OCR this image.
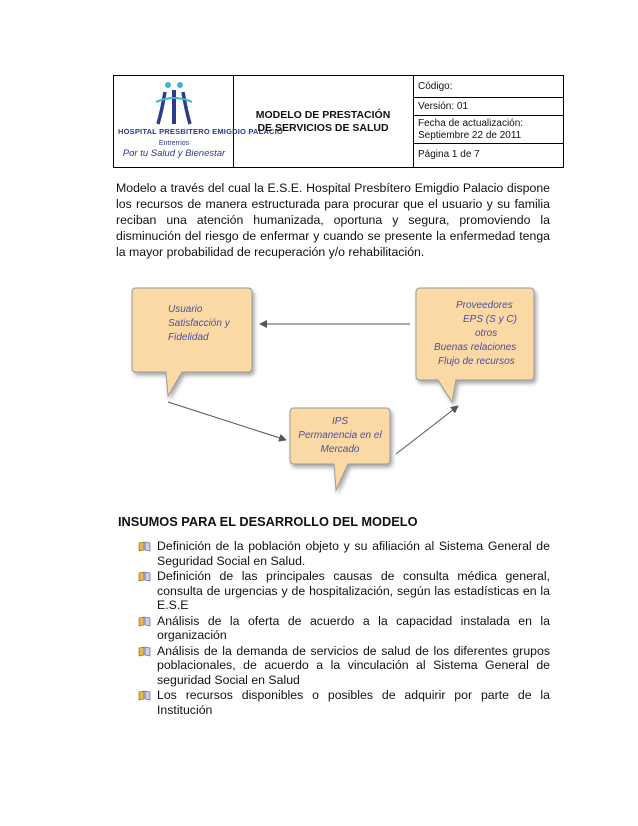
HOSPITAL PRESBITERO EMIGDIO PALACIO
Entrerrios
Por tu Salud y Bienestar
MODELO DE PRESTACIÓN DE SERVICIOS DE SALUD
Código:
Versión: 01
Fecha de actualización:
Septiembre 22 de 2011
Página 1 de 7
Modelo a través del cual la E.S.E. Hospital Presbítero Emigdio Palacio dispone los recursos de manera estructurada para procurar que el usuario y su familia reciban una atención humanizada, oportuna y segura, promoviendo la disminución del riesgo de enfermar y cuando se presente la enfermedad tenga la mayor probabilidad de recuperación y/o rehabilitación.
Usuario
Satisfacción y
Fidelidad
Proveedores
EPS (S y C)
otros
Buenas relaciones
Flujo de recursos
IPS
Permanencia en el
Mercado
INSUMOS PARA EL DESARROLLO DEL MODELO
Definición de la población objeto y su afiliación al Sistema General de Seguridad Social en Salud.
Definición de las principales causas de consulta médica general, consulta de urgencias y de hospitalización, según las estadísticas en la E.S.E
Análisis de la oferta de acuerdo a la capacidad instalada en la organización
Análisis de la demanda de servicios de salud de los diferentes grupos poblacionales, de acuerdo a la vinculación al Sistema General de seguridad Social en Salud
Los recursos disponibles o posibles de adquirir por parte de la Institución
